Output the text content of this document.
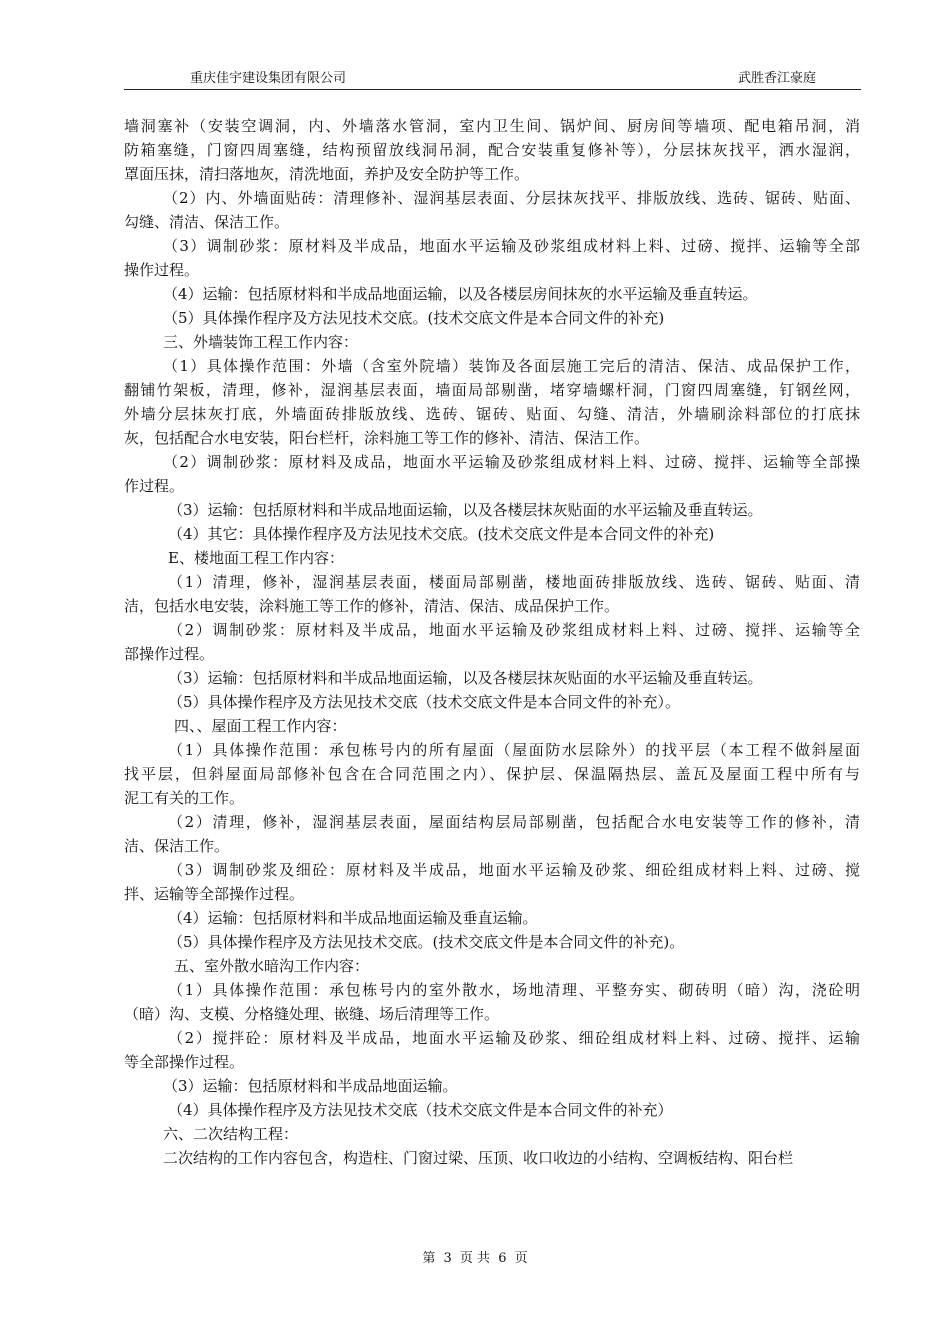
重庆佳宇建设集团有限公司	武胜香江豪庭
墙洞塞补（安装空调洞，内、外墙落水管洞，室内卫生间、锅炉间、厨房间等墙项、配电箱吊洞，消
防箱塞缝，门窗四周塞缝，结构预留放线洞吊洞，配合安装重复修补等），分层抹灰找平，洒水湿润，
罩面压抹，清扫落地灰，清洗地面，养护及安全防护等工作。
（2）内、外墙面贴砖：清理修补、湿润基层表面、分层抹灰找平、排版放线、选砖、锯砖、贴面、
勾缝、清洁、保洁工作。
（3）调制砂浆：原材料及半成品，地面水平运输及砂浆组成材料上料、过磅、搅拌、运输等全部
操作过程。
（4）运输：包括原材料和半成品地面运输，以及各楼层房间抹灰的水平运输及垂直转运。
（5）具体操作程序及方法见技术交底。(技术交底文件是本合同文件的补充)
三、外墙装饰工程工作内容：
（1）具体操作范围：外墙（含室外院墙）装饰及各面层施工完后的清洁、保洁、成品保护工作，
翻铺竹架板，清理，修补，湿润基层表面，墙面局部剔凿，堵穿墙螺杆洞，门窗四周塞缝，钉钢丝网，
外墙分层抹灰打底，外墙面砖排版放线、选砖、锯砖、贴面、勾缝、清洁，外墙刷涂料部位的打底抹
灰，包括配合水电安装，阳台栏杆，涂料施工等工作的修补、清洁、保洁工作。
（2）调制砂浆：原材料及成品，地面水平运输及砂浆组成材料上料、过磅、搅拌、运输等全部操
作过程。
（3）运输：包括原材料和半成品地面运输，以及各楼层抹灰贴面的水平运输及垂直转运。
（4）其它：具体操作程序及方法见技术交底。(技术交底文件是本合同文件的补充)
E、楼地面工程工作内容：
（1）清理，修补，湿润基层表面，楼面局部剔凿，楼地面砖排版放线、选砖、锯砖、贴面、清
洁，包括水电安装，涂料施工等工作的修补，清洁、保洁、成品保护工作。
（2）调制砂浆：原材料及半成品，地面水平运输及砂浆组成材料上料、过磅、搅拌、运输等全
部操作过程。
（3）运输：包括原材料和半成品地面运输，以及各楼层抹灰贴面的水平运输及垂直转运。
（5）具体操作程序及方法见技术交底（技术交底文件是本合同文件的补充）。
四、、屋面工程工作内容：
（1）具体操作范围：承包栋号内的所有屋面（屋面防水层除外）的找平层（本工程不做斜屋面
找平层，但斜屋面局部修补包含在合同范围之内）、保护层、保温隔热层、盖瓦及屋面工程中所有与
泥工有关的工作。
（2）清理，修补，湿润基层表面，屋面结构层局部剔凿，包括配合水电安装等工作的修补，清
洁、保洁工作。
（3）调制砂浆及细砼：原材料及半成品，地面水平运输及砂浆、细砼组成材料上料、过磅、搅
拌、运输等全部操作过程。
（4）运输：包括原材料和半成品地面运输及垂直运输。
（5）具体操作程序及方法见技术交底。(技术交底文件是本合同文件的补充)。
五、室外散水暗沟工作内容：
（1）具体操作范围：承包栋号内的室外散水，场地清理、平整夯实、砌砖明（暗）沟，浇砼明
（暗）沟、支模、分格缝处理、嵌缝、场后清理等工作。
（2）搅拌砼：原材料及半成品，地面水平运输及砂浆、细砼组成材料上料、过磅、搅拌、运输
等全部操作过程。
（3）运输：包括原材料和半成品地面运输。
（4）具体操作程序及方法见技术交底（技术交底文件是本合同文件的补充）
六、二次结构工程：
二次结构的工作内容包含，构造柱、门窗过梁、压顶、收口收边的小结构、空调板结构、阳台栏
第 3 页 共 6 页
